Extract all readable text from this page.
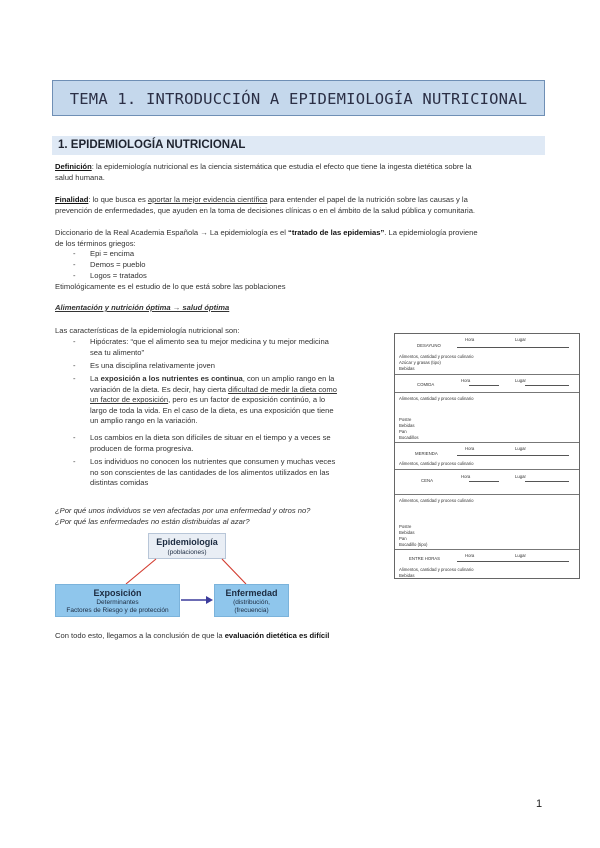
TEMA 1. INTRODUCCIÓN A EPIDEMIOLOGÍA NUTRICIONAL
1. EPIDEMIOLOGÍA NUTRICIONAL
Definición: la epidemiología nutricional es la ciencia sistemática que estudia el efecto que tiene la ingesta dietética sobre la
salud humana.
Finalidad: lo que busca es aportar la mejor evidencia científica para entender el papel de la nutrición sobre las causas y la
prevención de enfermedades, que ayuden en la toma de decisiones clínicas o en el ámbito de la salud pública y comunitaria.
Diccionario de la Real Academia Española → La epidemiología es el “tratado de las epidemias”. La epidemiología proviene
de los términos griegos:
- Epi = encima
- Demos = pueblo
- Logos = tratados
Etimológicamente es el estudio de lo que está sobre las poblaciones
Alimentación y nutrición óptima → salud óptima
Las características de la epidemiología nutricional son:
- Hipócrates: “que el alimento sea tu mejor medicina y tu mejor medicina
sea tu alimento”
- Es una disciplina relativamente joven
- La exposición a los nutrientes es continua, con un amplio rango en la
variación de la dieta. Es decir, hay cierta dificultad de medir la dieta como
un factor de exposición, pero es un factor de exposición continúo, a lo
largo de toda la vida. En el caso de la dieta, es una exposición que tiene
un amplio rango en la variación.
- Los cambios en la dieta son difíciles de situar en el tiempo y a veces se
producen de forma progresiva.
- Los individuos no conocen los nutrientes que consumen y muchas veces
no son conscientes de las cantidades de los alimentos utilizados en las
distintas comidas
¿Por qué unos individuos se ven afectadas por una enfermedad y otros no?
¿Por qué las enfermedades no están distribuidas al azar?
Epidemiología
(poblaciones)
Exposición
Determinantes
Factores de Riesgo y de protección
Enfermedad
(distribución,
(frecuencia)
Con todo esto, llegamos a la conclusión de que la evaluación dietética es difícil
DESAYUNO
Hora	Lugar
Alimentos, cantidad y proceso culinario
Azúcar y grasas (tipo)
Bebidas
COMIDA
Hora	Lugar
Alimentos, cantidad y proceso culinario
Postre
Bebidas
Pan
Bocadillos
MERIENDA
Hora	Lugar
Alimentos, cantidad y proceso culinario
CENA
Hora	Lugar
Alimentos, cantidad y proceso culinario
Postre
Bebidas
Pan
Bocadillo (tipo)
ENTRE HORAS
Hora	Lugar
Alimentos, cantidad y proceso culinario
Bebidas
1
